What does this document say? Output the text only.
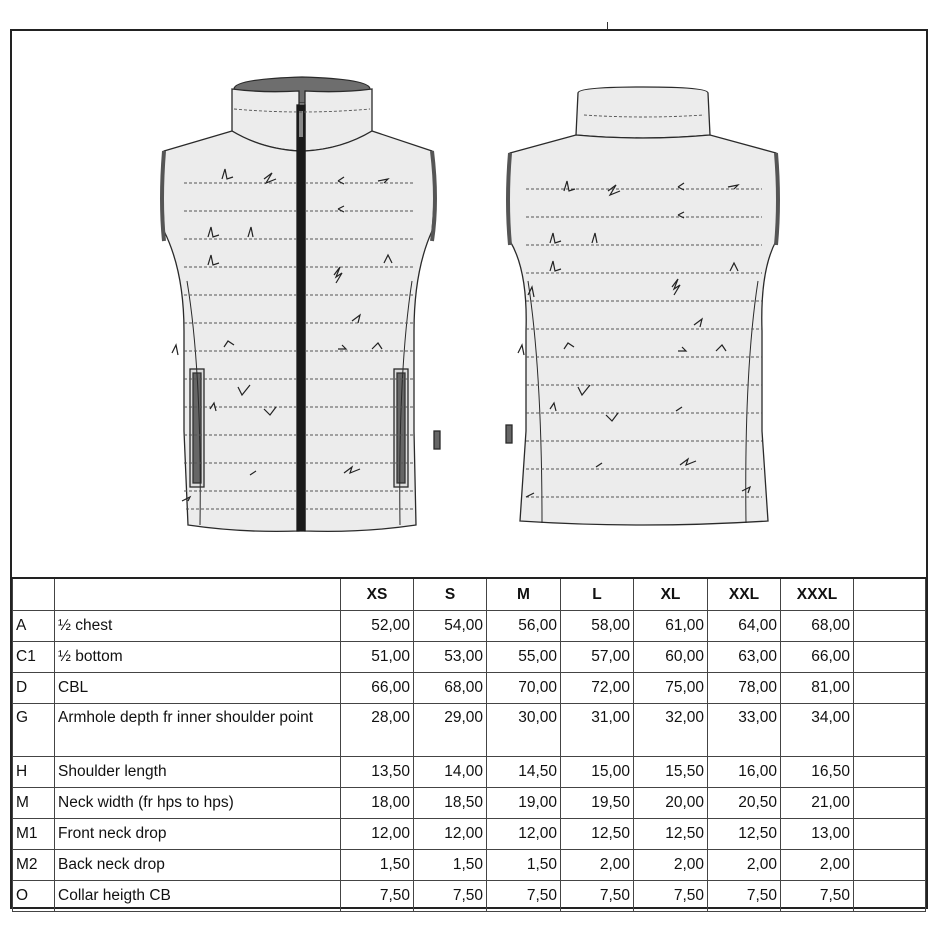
		XS	S	M	L	XL	XXL	XXXL	
A	½ chest	52,00	54,00	56,00	58,00	61,00	64,00	68,00	
C1	½ bottom	51,00	53,00	55,00	57,00	60,00	63,00	66,00	
D	CBL	66,00	68,00	70,00	72,00	75,00	78,00	81,00	
G	Armhole depth fr inner shoulder point	28,00	29,00	30,00	31,00	32,00	33,00	34,00	
H	Shoulder length	13,50	14,00	14,50	15,00	15,50	16,00	16,50	
M	Neck width (fr hps to hps)	18,00	18,50	19,00	19,50	20,00	20,50	21,00	
M1	Front neck drop	12,00	12,00	12,00	12,50	12,50	12,50	13,00	
M2	Back neck drop	1,50	1,50	1,50	2,00	2,00	2,00	2,00	
O	Collar heigth CB	7,50	7,50	7,50	7,50	7,50	7,50	7,50	
